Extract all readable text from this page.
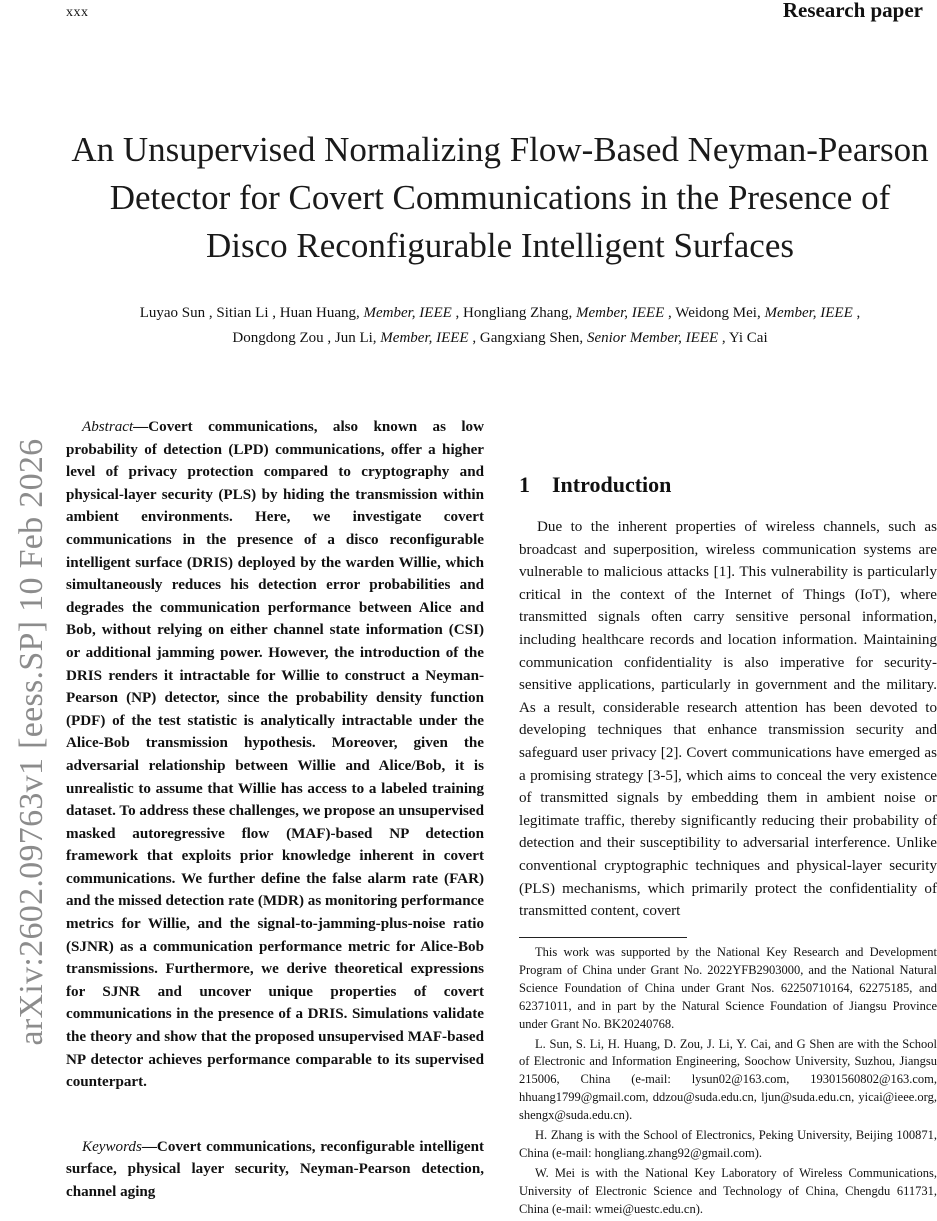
xxx	Research paper
arXiv:2602.09763v1 [eess.SP] 10 Feb 2026
An Unsupervised Normalizing Flow-Based Neyman-Pearson
Detector for Covert Communications in the Presence of
Disco Reconfigurable Intelligent Surfaces
Luyao Sun , Sitian Li , Huan Huang, Member, IEEE , Hongliang Zhang, Member, IEEE , Weidong Mei, Member, IEEE ,
Dongdong Zou , Jun Li, Member, IEEE , Gangxiang Shen, Senior Member, IEEE , Yi Cai
Abstract—Covert communications, also known as low probability of detection (LPD) communications, offer a higher level of privacy protection compared to cryptography and physical-layer security (PLS) by hiding the transmission within ambient environments. Here, we investigate covert communications in the presence of a disco reconfigurable intelligent surface (DRIS) deployed by the warden Willie, which simultaneously reduces his detection error probabilities and degrades the communication performance between Alice and Bob, without relying on either channel state information (CSI) or additional jamming power. However, the introduction of the DRIS renders it intractable for Willie to construct a Neyman-Pearson (NP) detector, since the probability density function (PDF) of the test statistic is analytically intractable under the Alice-Bob transmission hypothesis. Moreover, given the adversarial relationship between Willie and Alice/Bob, it is unrealistic to assume that Willie has access to a labeled training dataset. To address these challenges, we propose an unsupervised masked autoregressive flow (MAF)-based NP detection framework that exploits prior knowledge inherent in covert communications. We further define the false alarm rate (FAR) and the missed detection rate (MDR) as monitoring performance metrics for Willie, and the signal-to-jamming-plus-noise ratio (SJNR) as a communication performance metric for Alice-Bob transmissions. Furthermore, we derive theoretical expressions for SJNR and uncover unique properties of covert communications in the presence of a DRIS. Simulations validate the theory and show that the proposed unsupervised MAF-based NP detector achieves performance comparable to its supervised counterpart.
Keywords—Covert communications, reconfigurable intelligent surface, physical layer security, Neyman-Pearson detection, channel aging
1 Introduction
Due to the inherent properties of wireless channels, such as broadcast and superposition, wireless communication systems are vulnerable to malicious attacks [1]. This vulnerability is particularly critical in the context of the Internet of Things (IoT), where transmitted signals often carry sensitive personal information, including healthcare records and location information. Maintaining communication confidentiality is also imperative for security-sensitive applications, particularly in government and the military. As a result, considerable research attention has been devoted to developing techniques that enhance transmission security and safeguard user privacy [2]. Covert communications have emerged as a promising strategy [3-5], which aims to conceal the very existence of transmitted signals by embedding them in ambient noise or legitimate traffic, thereby significantly reducing their probability of detection and their susceptibility to adversarial interference. Unlike conventional cryptographic techniques and physical-layer security (PLS) mechanisms, which primarily protect the confidentiality of transmitted content, covert

This work was supported by the National Key Research and Development Program of China under Grant No. 2022YFB2903000, and the National Natural Science Foundation of China under Grant Nos. 62250710164, 62275185, and 62371011, and in part by the Natural Science Foundation of Jiangsu Province under Grant No. BK20240768.

L. Sun, S. Li, H. Huang, D. Zou, J. Li, Y. Cai, and G Shen are with the School of Electronic and Information Engineering, Soochow University, Suzhou, Jiangsu 215006, China (e-mail: lysun02@163.com, 19301560802@163.com, hhuang1799@gmail.com, ddzou@suda.edu.cn, ljun@suda.edu.cn, yicai@ieee.org, shengx@suda.edu.cn).

H. Zhang is with the School of Electronics, Peking University, Beijing 100871, China (e-mail: hongliang.zhang92@gmail.com).

W. Mei is with the National Key Laboratory of Wireless Communications, University of Electronic Science and Technology of China, Chengdu 611731, China (e-mail: wmei@uestc.edu.cn).
